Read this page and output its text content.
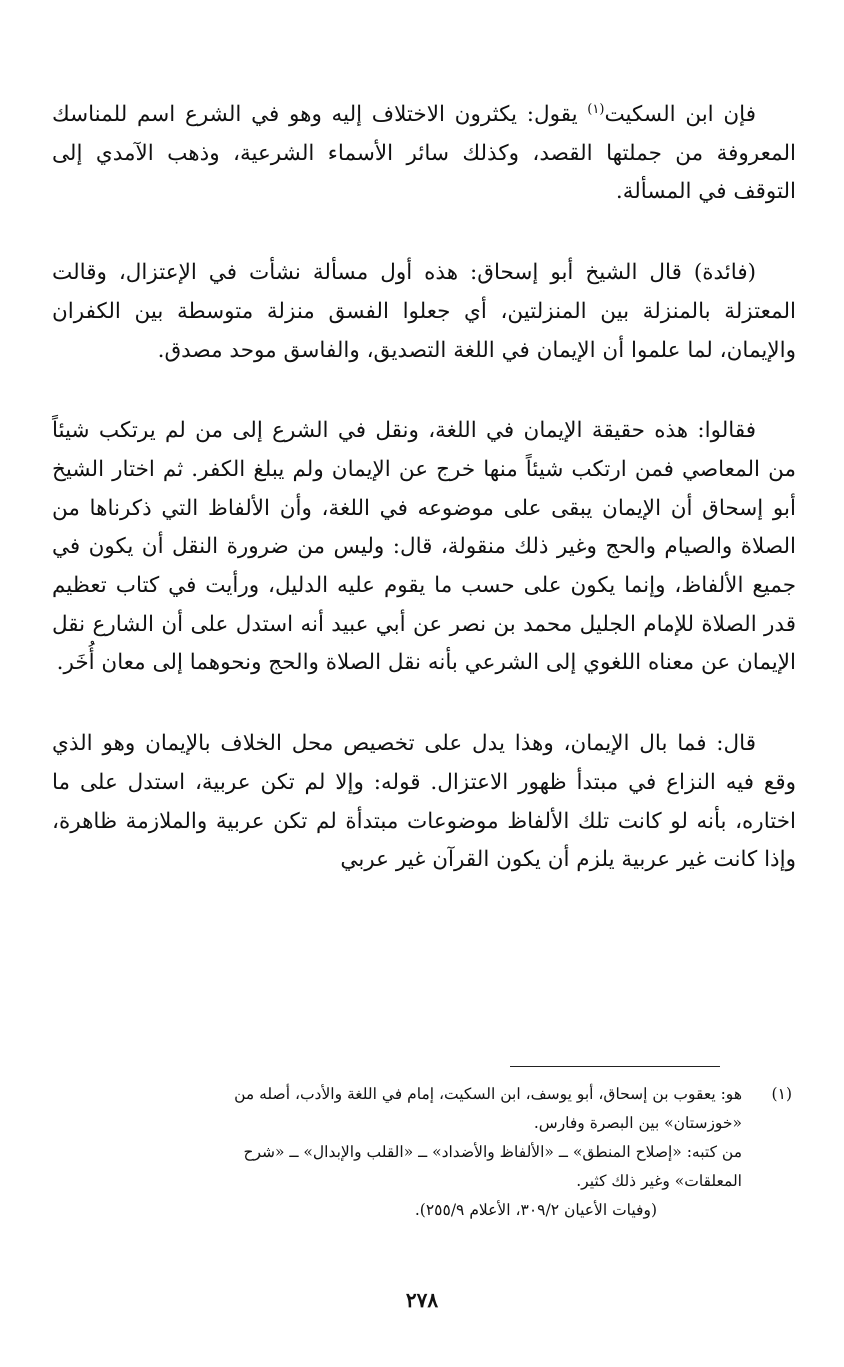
فإن ابن السكيت$^{(١)}$ يقول: يكثرون الاختلاف إليه وهو في الشرع اسم للمناسك المعروفة من جملتها القصد، وكذلك سائر الأسماء الشرعية، وذهب الآمدي إلى التوقف في المسألة.

(فائدة) قال الشيخ أبو إسحاق: هذه أول مسألة نشأت في الإعتزال، وقالت المعتزلة بالمنزلة بين المنزلتين، أي جعلوا الفسق منزلة متوسطة بين الكفران والإيمان، لما علموا أن الإيمان في اللغة التصديق، والفاسق موحد مصدق.

فقالوا: هذه حقيقة الإيمان في اللغة، ونقل في الشرع إلى من لم يرتكب شيئاً من المعاصي فمن ارتكب شيئاً منها خرج عن الإيمان ولم يبلغ الكفر. ثم اختار الشيخ أبو إسحاق أن الإيمان يبقى على موضوعه في اللغة، وأن الألفاظ التي ذكرناها من الصلاة والصيام والحج وغير ذلك منقولة، قال: وليس من ضرورة النقل أن يكون في جميع الألفاظ، وإنما يكون على حسب ما يقوم عليه الدليل، ورأيت في كتاب تعظيم قدر الصلاة للإمام الجليل محمد بن نصر عن أبي عبيد أنه استدل على أن الشارع نقل الإيمان عن معناه اللغوي إلى الشرعي بأنه نقل الصلاة والحج ونحوهما إلى معان أُخَر.

قال: فما بال الإيمان، وهذا يدل على تخصيص محل الخلاف بالإيمان وهو الذي وقع فيه النزاع في مبتدأ ظهور الاعتزال. قوله: وإلا لم تكن عربية، استدل على ما اختاره، بأنه لو كانت تلك الألفاظ موضوعات مبتدأة لم تكن عربية والملازمة ظاهرة، وإذا كانت غير عربية يلزم أن يكون القرآن غير عربي

(١)
هو: يعقوب بن إسحاق، أبو يوسف، ابن السكيت، إمام في اللغة والأدب، أصله من

«خوزستان» بين البصرة وفارس.

من كتبه: «إصلاح المنطق» ــ «الألفاظ والأضداد» ــ «القلب والإبدال» ــ «شرح

المعلقات» وغير ذلك كثير.

(وفيات الأعيان ٣٠٩/٢، الأعلام ٢٥٥/٩).

٢٧٨
